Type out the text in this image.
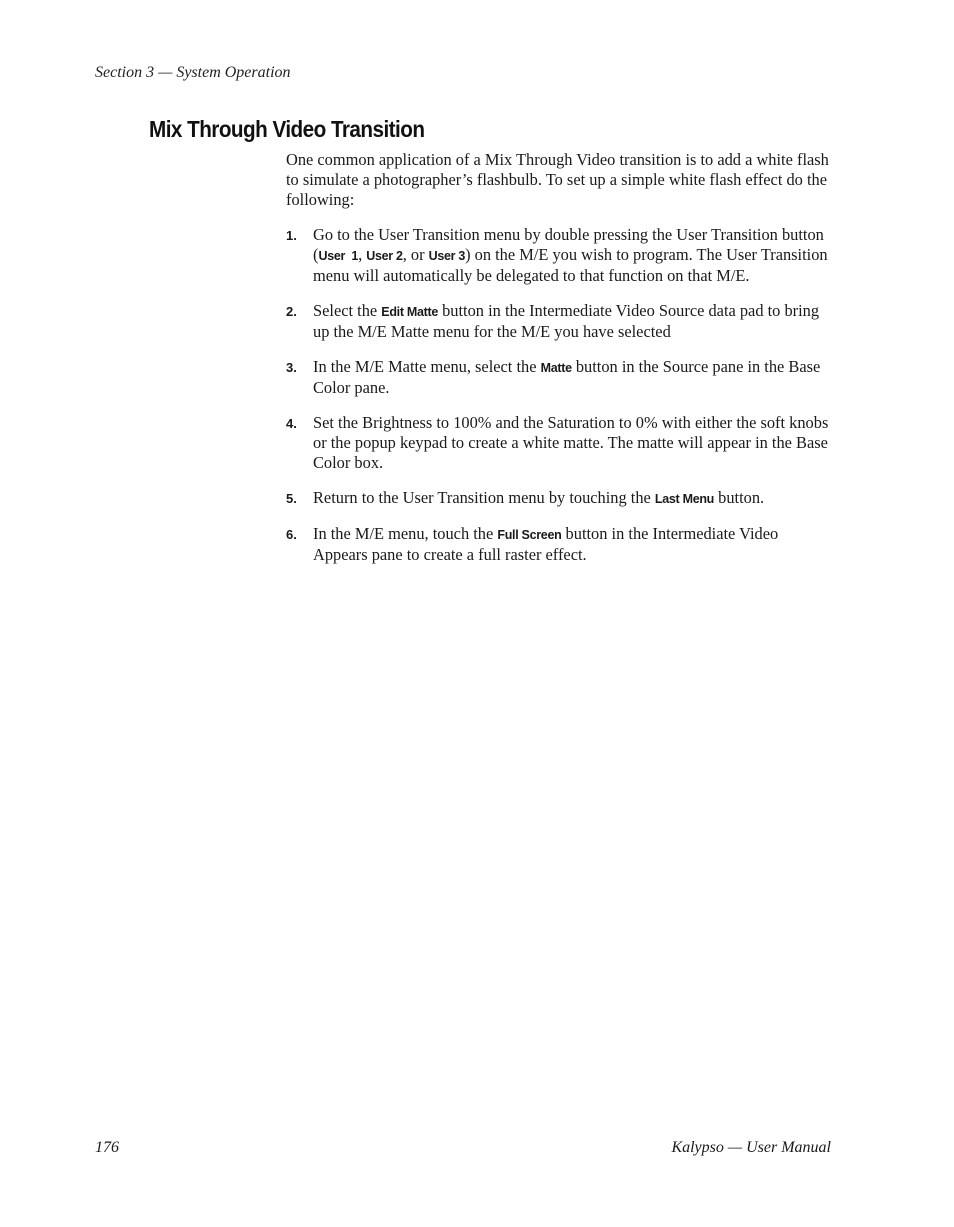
Section 3 — System Operation
Mix Through Video Transition

One common application of a Mix Through Video transition is to add a white flash to simulate a photographer’s flashbulb. To set up a simple white flash effect do the following:

1. Go to the User Transition menu by double pressing the User Transition button (User  1, User 2, or User 3) on the M/E you wish to program. The User Transition menu will automatically be delegated to that function on that M/E.
2. Select the Edit Matte button in the Intermediate Video Source data pad to bring up the M/E Matte menu for the M/E you have selected
3. In the M/E Matte menu, select the Matte button in the Source pane in the Base Color pane.
4. Set the Brightness to 100% and the Saturation to 0% with either the soft knobs or the popup keypad to create a white matte. The matte will appear in the Base Color box.
5. Return to the User Transition menu by touching the Last Menu button.
6. In the M/E menu, touch the Full Screen button in the Intermediate Video Appears pane to create a full raster effect.
176	Kalypso — User Manual
